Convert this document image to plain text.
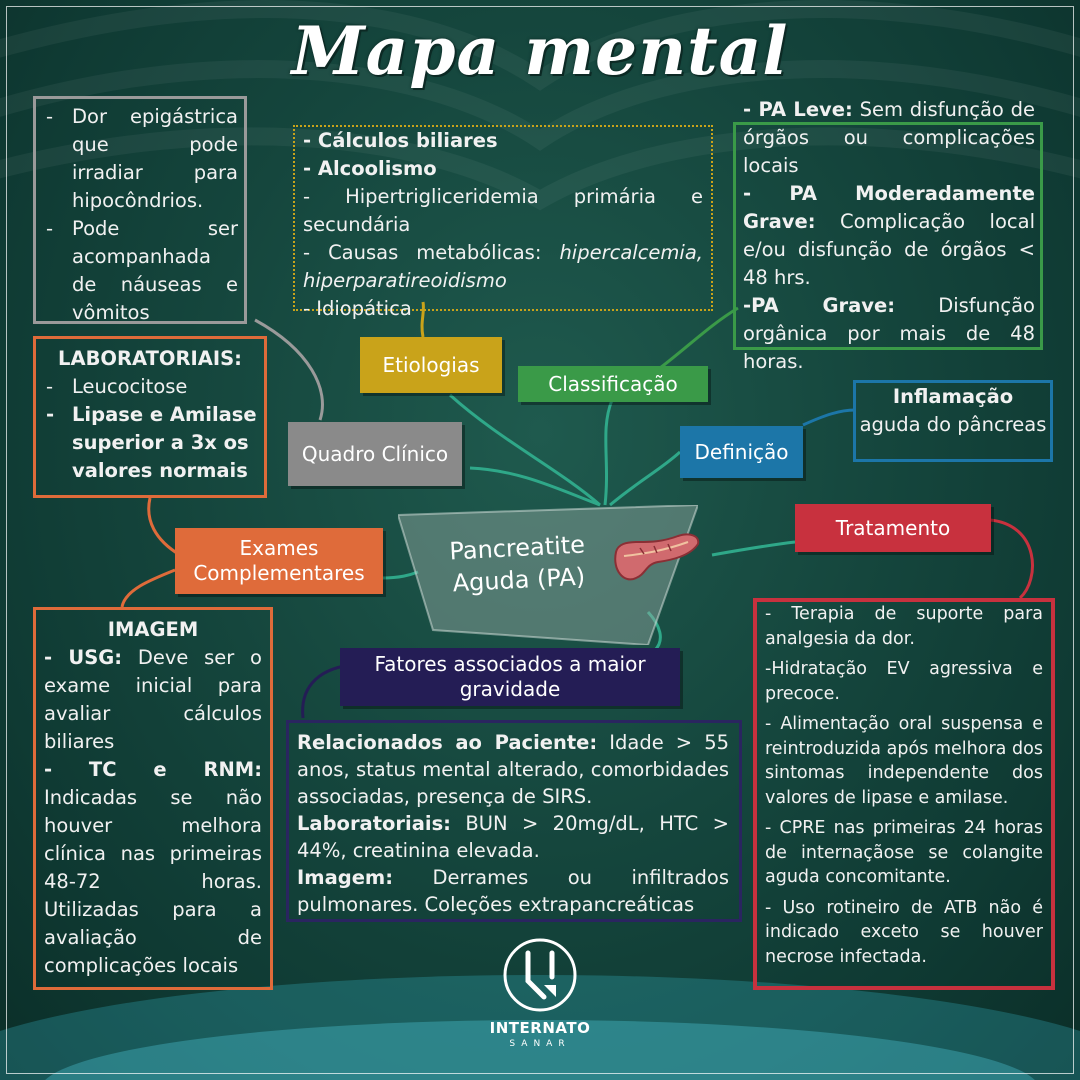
Mapa mental
- Dor epigástrica que pode irradiar para hipocôndrios.
- Pode ser acompanhada de náuseas e vômitos

- Cálculos biliares

- Alcoolismo

- Hipertrigliceridemia primária e secundária

- Causas metabólicas: hipercalcemia, hiperparatireoidismo

- Idiopática

- PA Leve: Sem disfunção de órgãos ou complicações locais

- PA Moderadamente Grave: Complicação local e/ou disfunção de órgãos < 48 hrs.

-PA Grave: Disfunção orgânica por mais de 48 horas.

Inflamação
aguda do pâncreas
LABORATORIAIS:
- Leucocitose
- Lipase e Amilase superior a 3x os valores normais
IMAGEM

- USG: Deve ser o exame inicial para avaliar cálculos biliares

- TC e RNM: Indicadas se não houver melhora clínica nas primeiras 48-72 horas. Utilizadas para a avaliação de complicações locais

Relacionados ao Paciente: Idade > 55 anos, status mental alterado, comorbidades associadas, presença de SIRS.

Laboratoriais: BUN > 20mg/dL, HTC > 44%, creatinina elevada.

Imagem: Derrames ou infiltrados pulmonares. Coleções extrapancreáticas

- Terapia de suporte para analgesia da dor.

-Hidratação EV agressiva e precoce.

- Alimentação oral suspensa e reintroduzida após melhora dos sintomas independente dos valores de lipase e amilase.

- CPRE nas primeiras 24 horas de internaçãose se colangite aguda concomitante.

- Uso rotineiro de ATB não é indicado exceto se houver necrose infectada.

Etiologias
Classificação
Definição
Tratamento
Quadro Clínico
Exames Complementares
Fatores associados a maior gravidade
Pancreatite Aguda (PA)
INTERNATO
SANAR
